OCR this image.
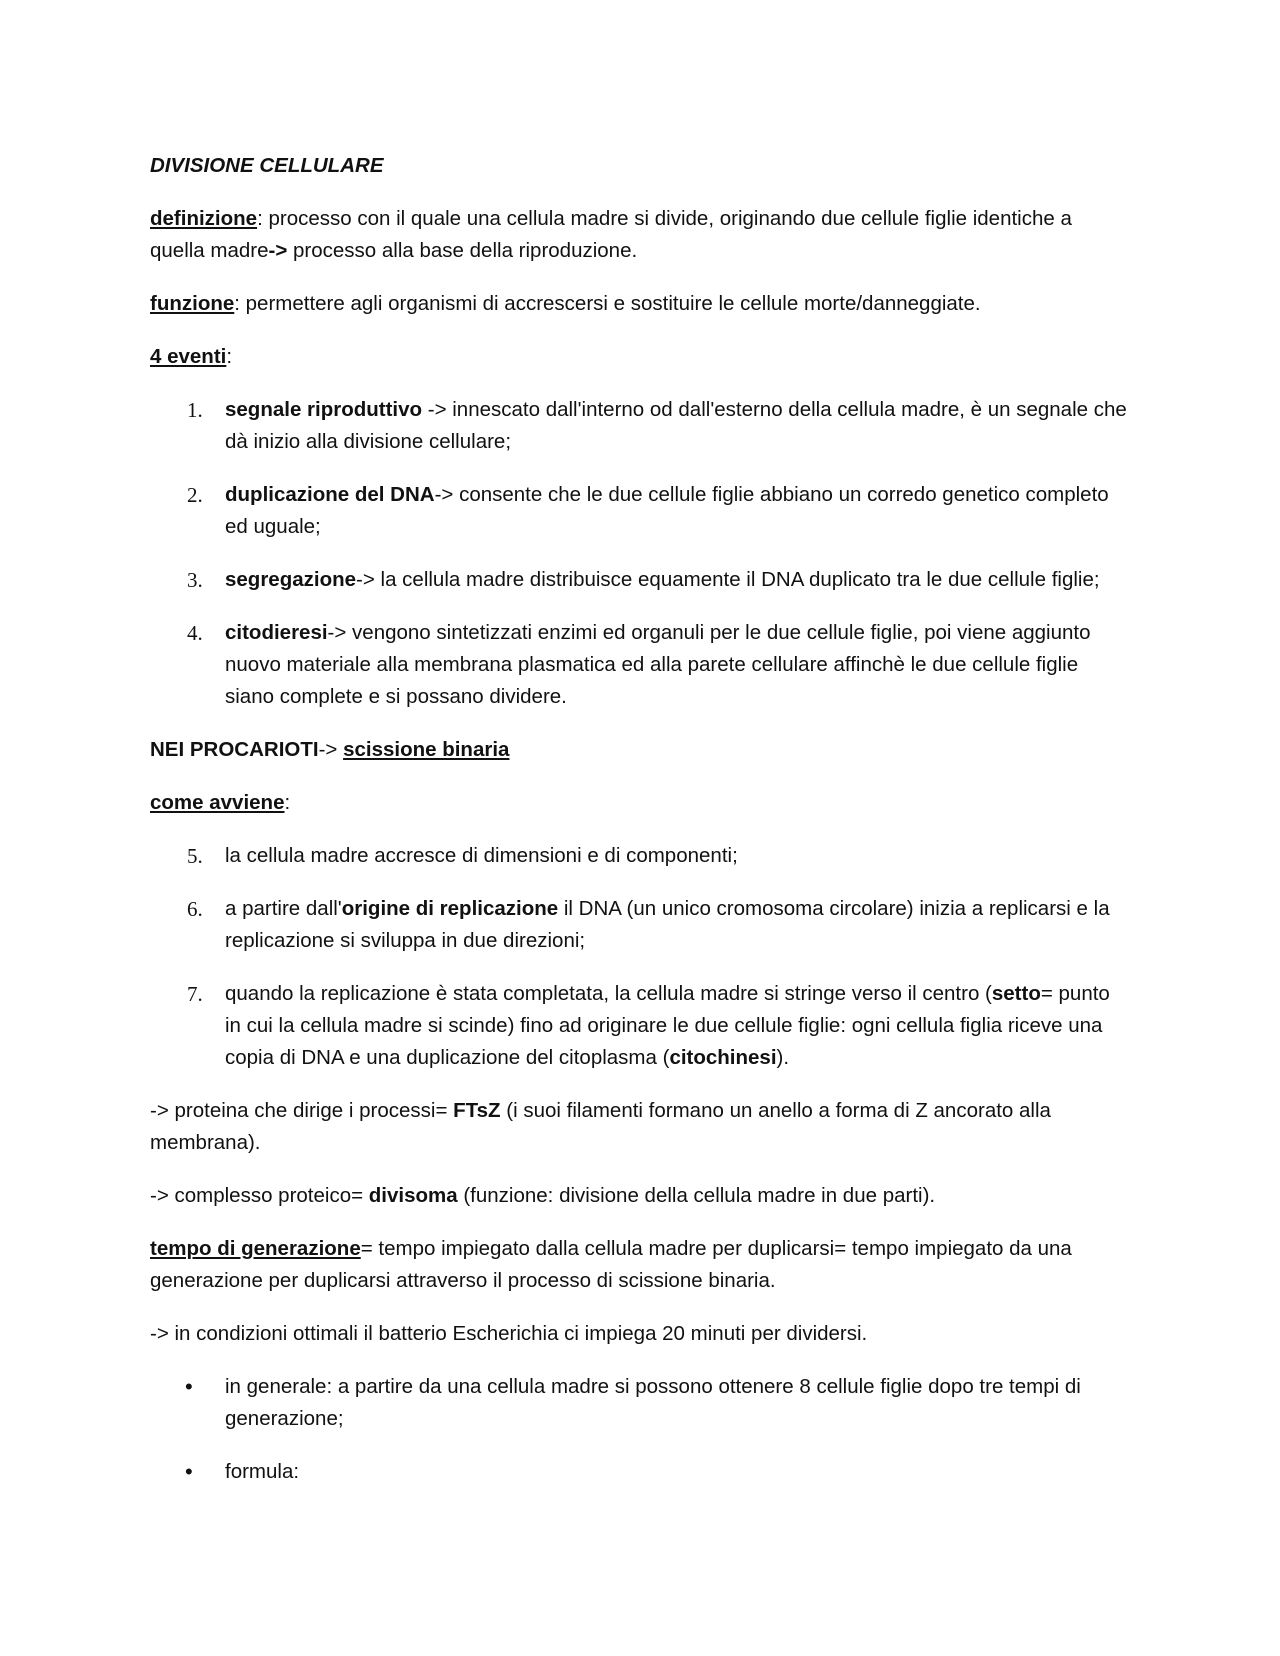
DIVISIONE CELLULARE

definizione: processo con il quale una cellula madre si divide, originando due cellule figlie identiche a quella madre-> processo alla base della riproduzione.

funzione: permettere agli organismi di accrescersi e sostituire le cellule morte/danneggiate.

4 eventi:

1. segnale riproduttivo -> innescato dall'interno od dall'esterno della cellula madre, è un segnale che dà inizio alla divisione cellulare;
2. duplicazione del DNA-> consente che le due cellule figlie abbiano un corredo genetico completo ed uguale;
3. segregazione-> la cellula madre distribuisce equamente il DNA duplicato tra le due cellule figlie;
4. citodieresi-> vengono sintetizzati enzimi ed organuli per le due cellule figlie, poi viene aggiunto nuovo materiale alla membrana plasmatica ed alla parete cellulare affinchè le due cellule figlie siano complete e si possano dividere.

NEI PROCARIOTI-> scissione binaria

come avviene:

5. la cellula madre accresce di dimensioni e di componenti;
6. a partire dall'origine di replicazione il DNA (un unico cromosoma circolare) inizia a replicarsi e la replicazione si sviluppa in due direzioni;
7. quando la replicazione è stata completata, la cellula madre si stringe verso il centro (setto= punto in cui la cellula madre si scinde) fino ad originare le due cellule figlie: ogni cellula figlia riceve una copia di DNA e una duplicazione del citoplasma (citochinesi).

-> proteina che dirige i processi= FTsZ (i suoi filamenti formano un anello a forma di Z ancorato alla membrana).

-> complesso proteico= divisoma (funzione: divisione della cellula madre in due parti).

tempo di generazione= tempo impiegato dalla cellula madre per duplicarsi= tempo impiegato da una generazione per duplicarsi attraverso il processo di scissione binaria.

-> in condizioni ottimali il batterio Escherichia ci impiega 20 minuti per dividersi.

• in generale: a partire da una cellula madre si possono ottenere 8 cellule figlie dopo tre tempi di generazione;
• formula:
